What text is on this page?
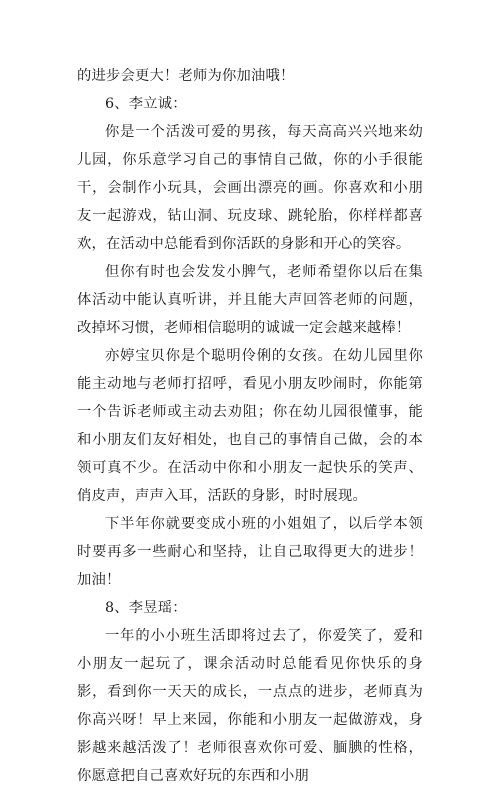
的进步会更大！老师为你加油哦！

6、李立诚：

你是一个活泼可爱的男孩，每天高高兴兴地来幼儿园，你乐意学习自己的事情自己做，你的小手很能干，会制作小玩具，会画出漂亮的画。你喜欢和小朋友一起游戏，钻山洞、玩皮球、跳轮胎，你样样都喜欢，在活动中总能看到你活跃的身影和开心的笑容。

但你有时也会发发小脾气，老师希望你以后在集体活动中能认真听讲，并且能大声回答老师的问题，改掉坏习惯，老师相信聪明的诚诚一定会越来越棒！

亦婷宝贝你是个聪明伶俐的女孩。在幼儿园里你能主动地与老师打招呼，看见小朋友吵闹时，你能第一个告诉老师或主动去劝阻；你在幼儿园很懂事，能和小朋友们友好相处，也自己的事情自己做，会的本领可真不少。在活动中你和小朋友一起快乐的笑声、俏皮声，声声入耳，活跃的身影，时时展现。

下半年你就要变成小班的小姐姐了，以后学本领时要再多一些耐心和坚持，让自己取得更大的进步！加油！

8、李昱瑶：

一年的小小班生活即将过去了，你爱笑了，爱和小朋友一起玩了，课余活动时总能看见你快乐的身影，看到你一天天的成长，一点点的进步，老师真为你高兴呀！早上来园，你能和小朋友一起做游戏，身影越来越活泼了！老师很喜欢你可爱、腼腆的性格，你愿意把自己喜欢好玩的东西和小朋
